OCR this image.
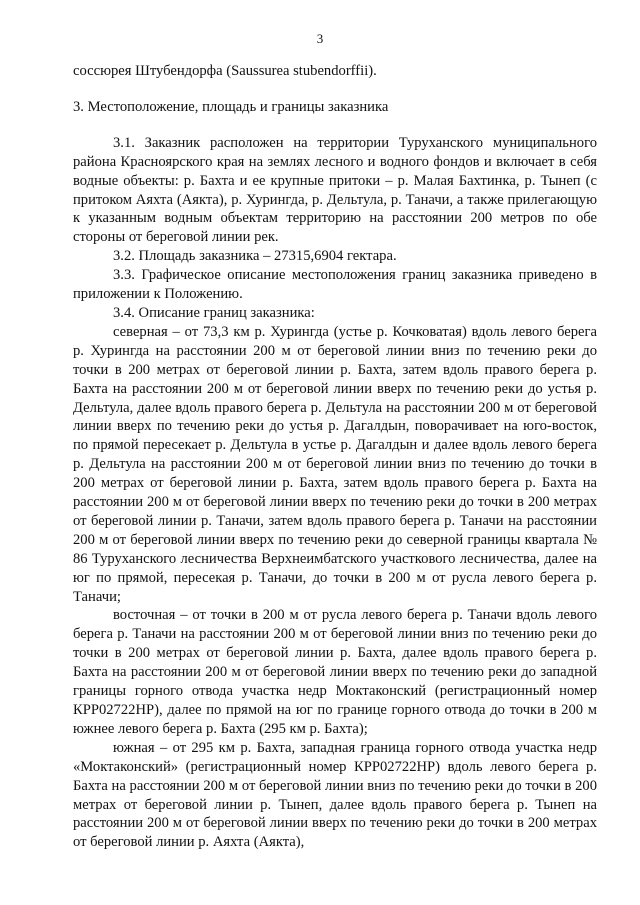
3

соссюрея Штубендорфа (Saussurea stubendorffii).

3. Местоположение, площадь и границы заказника

3.1. Заказник расположен на территории Туруханского муниципального района Красноярского края на землях лесного и водного фондов и включает в себя водные объекты: р. Бахта и ее крупные притоки – р. Малая Бахтинка, р. Тынеп (с притоком Аяхта (Аякта), р. Хурингда, р. Дельтула, р. Таначи, а также прилегающую к указанным водным объектам территорию на расстоянии 200 метров по обе стороны от береговой линии рек.

3.2. Площадь заказника – 27315,6904 гектара.

3.3. Графическое описание местоположения границ заказника приведено в приложении к Положению.

3.4. Описание границ заказника:

северная – от 73,3 км р. Хурингда (устье р. Кочковатая) вдоль левого берега р. Хурингда на расстоянии 200 м от береговой линии вниз по течению реки до точки в 200 метрах от береговой линии р. Бахта, затем вдоль правого берега р. Бахта на расстоянии 200 м от береговой линии вверх по течению реки до устья р. Дельтула, далее вдоль правого берега р. Дельтула на расстоянии 200 м от береговой линии вверх по течению реки до устья р. Дагалдын, поворачивает на юго-восток, по прямой пересекает р. Дельтула в устье р. Дагалдын и далее вдоль левого берега р. Дельтула на расстоянии 200 м от береговой линии вниз по течению до точки в 200 метрах от береговой линии р. Бахта, затем вдоль правого берега р. Бахта на расстоянии 200 м от береговой линии вверх по течению реки до точки в 200 метрах от береговой линии р. Таначи, затем вдоль правого берега р. Таначи на расстоянии 200 м от береговой линии вверх по течению реки до северной границы квартала № 86 Туруханского лесничества Верхнеимбатского участкового лесничества, далее на юг по прямой, пересекая р. Таначи, до точки в 200 м от русла левого берега р. Таначи;

восточная – от точки в 200 м от русла левого берега р. Таначи вдоль левого берега р. Таначи на расстоянии 200 м от береговой линии вниз по течению реки до точки в 200 метрах от береговой линии р. Бахта, далее вдоль правого берега р. Бахта на расстоянии 200 м от береговой линии вверх по течению реки до западной границы горного отвода участка недр Моктаконский (регистрационный номер КРР02722НР), далее по прямой на юг по границе горного отвода до точки в 200 м южнее левого берега р. Бахта (295 км р. Бахта);

южная – от 295 км р. Бахта, западная граница горного отвода участка недр «Моктаконский» (регистрационный номер КРР02722НР) вдоль левого берега р. Бахта на расстоянии 200 м от береговой линии вниз по течению реки до точки в 200 метрах от береговой линии р. Тынеп, далее вдоль правого берега р. Тынеп на расстоянии 200 м от береговой линии вверх по течению реки до точки в 200 метрах от береговой линии р. Аяхта (Аякта),
